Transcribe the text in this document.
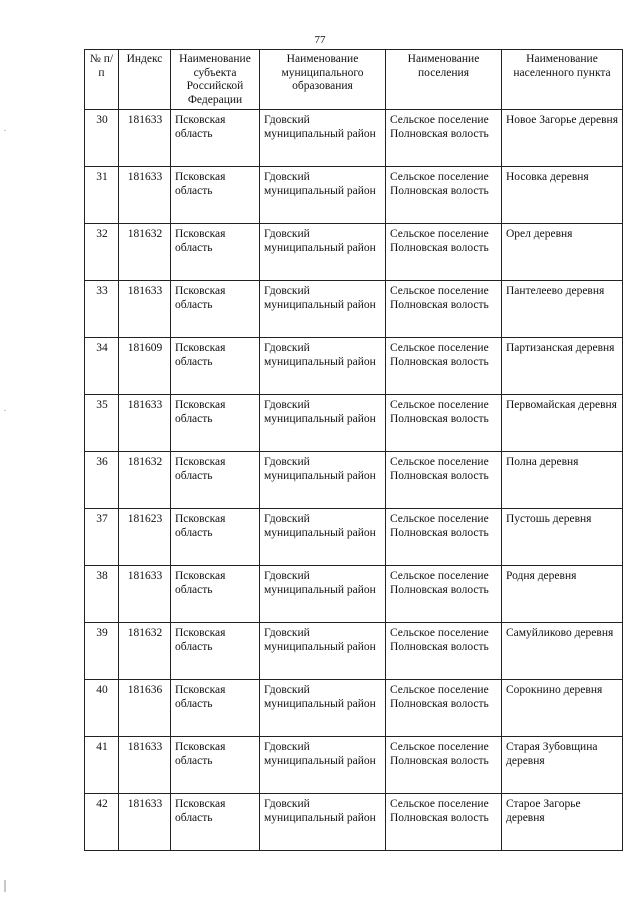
77
№ п/п	Индекс	Наименование субъекта Российской Федерации	Наименование муниципального образования	Наименование поселения	Наименование населенного пункта
30	181633	Псковская область	Гдовский муниципальный район	Сельское поселение Полновская волость	Новое Загорье деревня
31	181633	Псковская область	Гдовский муниципальный район	Сельское поселение Полновская волость	Носовка деревня
32	181632	Псковская область	Гдовский муниципальный район	Сельское поселение Полновская волость	Орел деревня
33	181633	Псковская область	Гдовский муниципальный район	Сельское поселение Полновская волость	Пантелеево деревня
34	181609	Псковская область	Гдовский муниципальный район	Сельское поселение Полновская волость	Партизанская деревня
35	181633	Псковская область	Гдовский муниципальный район	Сельское поселение Полновская волость	Первомайская деревня
36	181632	Псковская область	Гдовский муниципальный район	Сельское поселение Полновская волость	Полна деревня
37	181623	Псковская область	Гдовский муниципальный район	Сельское поселение Полновская волость	Пустошь деревня
38	181633	Псковская область	Гдовский муниципальный район	Сельское поселение Полновская волость	Родня деревня
39	181632	Псковская область	Гдовский муниципальный район	Сельское поселение Полновская волость	Самуйликово деревня
40	181636	Псковская область	Гдовский муниципальный район	Сельское поселение Полновская волость	Сорокнино деревня
41	181633	Псковская область	Гдовский муниципальный район	Сельское поселение Полновская волость	Старая Зубовщина деревня
42	181633	Псковская область	Гдовский муниципальный район	Сельское поселение Полновская волость	Старое Загорье деревня
